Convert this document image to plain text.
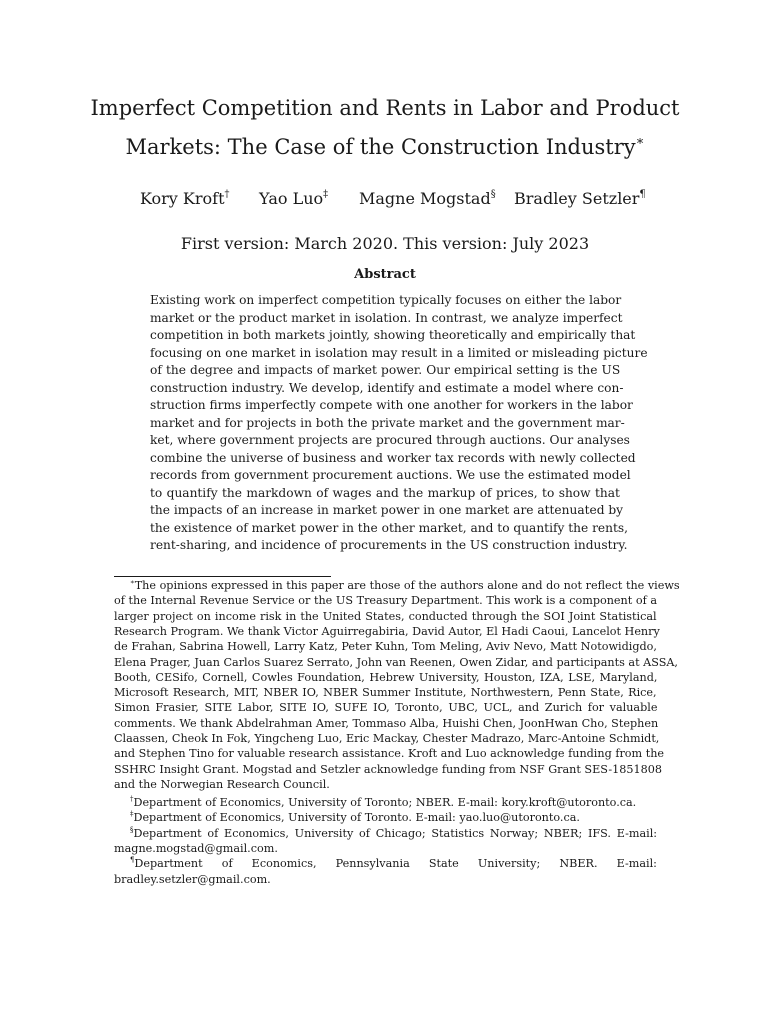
Imperfect Competition and Rents in Labor and Product
Markets: The Case of the Construction Industry∗
Kory Kroft† Yao Luo‡ Magne Mogstad§ Bradley Setzler¶
First version: March 2020. This version: July 2023
Abstract
Existing work on imperfect competition typically focuses on either the labor
market or the product market in isolation. In contrast, we analyze imperfect
competition in both markets jointly, showing theoretically and empirically that
focusing on one market in isolation may result in a limited or misleading picture
of the degree and impacts of market power. Our empirical setting is the US
construction industry. We develop, identify and estimate a model where con-
struction firms imperfectly compete with one another for workers in the labor
market and for projects in both the private market and the government mar-
ket, where government projects are procured through auctions. Our analyses
combine the universe of business and worker tax records with newly collected
records from government procurement auctions. We use the estimated model
to quantify the markdown of wages and the markup of prices, to show that
the impacts of an increase in market power in one market are attenuated by
the existence of market power in the other market, and to quantify the rents,
rent-sharing, and incidence of procurements in the US construction industry.
∗The opinions expressed in this paper are those of the authors alone and do not reflect the views
of the Internal Revenue Service or the US Treasury Department. This work is a component of a
larger project on income risk in the United States, conducted through the SOI Joint Statistical
Research Program. We thank Victor Aguirregabiria, David Autor, El Hadi Caoui, Lancelot Henry
de Frahan, Sabrina Howell, Larry Katz, Peter Kuhn, Tom Meling, Aviv Nevo, Matt Notowidigdo,
Elena Prager, Juan Carlos Suarez Serrato, John van Reenen, Owen Zidar, and participants at ASSA,
Booth, CESifo, Cornell, Cowles Foundation, Hebrew University, Houston, IZA, LSE, Maryland,
Microsoft Research, MIT, NBER IO, NBER Summer Institute, Northwestern, Penn State, Rice,
Simon Frasier, SITE Labor, SITE IO, SUFE IO, Toronto, UBC, UCL, and Zurich for valuable
comments. We thank Abdelrahman Amer, Tommaso Alba, Huishi Chen, JoonHwan Cho, Stephen
Claassen, Cheok In Fok, Yingcheng Luo, Eric Mackay, Chester Madrazo, Marc-Antoine Schmidt,
and Stephen Tino for valuable research assistance. Kroft and Luo acknowledge funding from the
SSHRC Insight Grant. Mogstad and Setzler acknowledge funding from NSF Grant SES-1851808
and the Norwegian Research Council.
†Department of Economics, University of Toronto; NBER. E-mail: kory.kroft@utoronto.ca.
‡Department of Economics, University of Toronto. E-mail: yao.luo@utoronto.ca.
§Department of Economics, University of Chicago; Statistics Norway; NBER; IFS. E-mail:
magne.mogstad@gmail.com.
¶Department of Economics, Pennsylvania State University; NBER. E-mail:
bradley.setzler@gmail.com.
